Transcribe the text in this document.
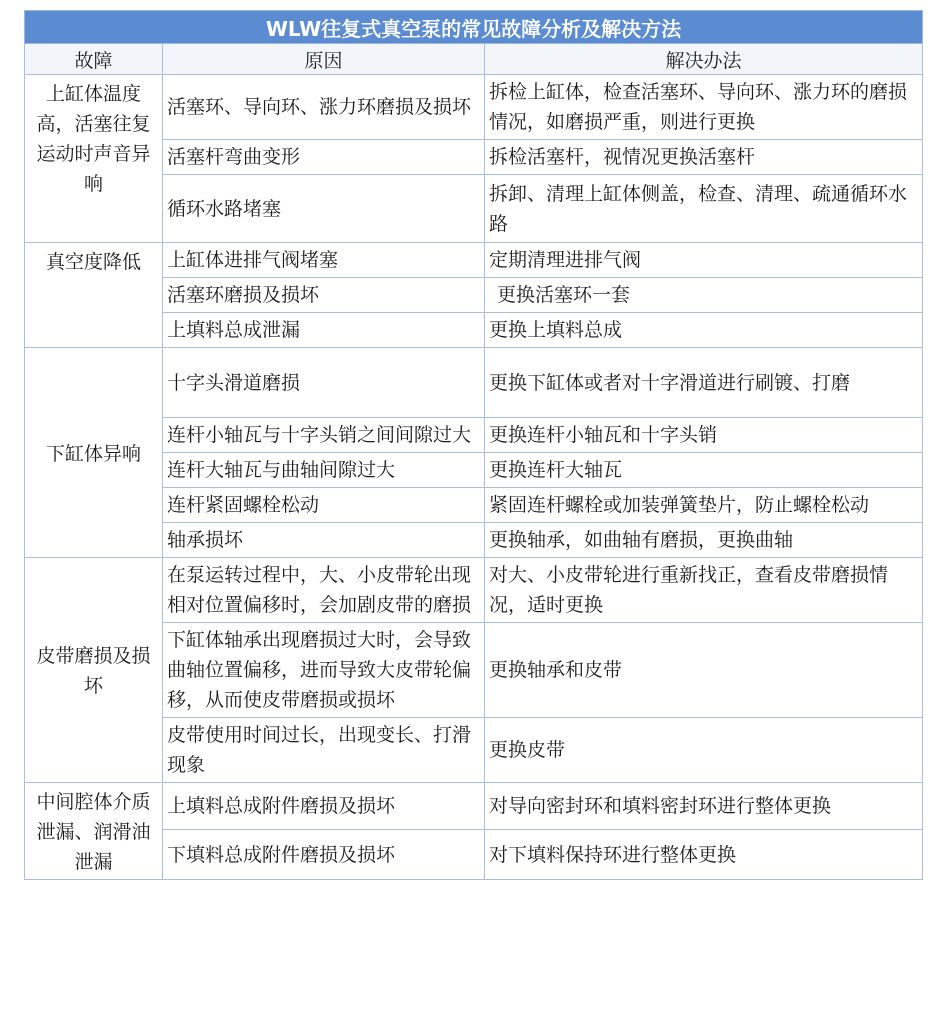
WLW往复式真空泵的常见故障分析及解决方法		
故障	原因	解决办法
上缸体温度高，活塞往复运动时声音异响	活塞环、导向环、涨力环磨损及损坏	拆检上缸体，检查活塞环、导向环、涨力环的磨损情况，如磨损严重，则进行更换
	活塞杆弯曲变形	拆检活塞杆，视情况更换活塞杆
	循环水路堵塞	拆卸、清理上缸体侧盖，检查、清理、疏通循环水路
真空度降低	上缸体进排气阀堵塞	定期清理进排气阀
	活塞环磨损及损坏	更换活塞环一套
	上填料总成泄漏	更换上填料总成
下缸体异响	十字头滑道磨损	更换下缸体或者对十字滑道进行刷镀、打磨
	连杆小轴瓦与十字头销之间间隙过大	更换连杆小轴瓦和十字头销
	连杆大轴瓦与曲轴间隙过大	更换连杆大轴瓦
	连杆紧固螺栓松动	紧固连杆螺栓或加装弹簧垫片，防止螺栓松动
	轴承损坏	更换轴承，如曲轴有磨损，更换曲轴
皮带磨损及损坏	在泵运转过程中，大、小皮带轮出现相对位置偏移时，会加剧皮带的磨损	对大、小皮带轮进行重新找正，查看皮带磨损情况，适时更换
	下缸体轴承出现磨损过大时，会导致曲轴位置偏移，进而导致大皮带轮偏移，从而使皮带磨损或损坏	更换轴承和皮带
	皮带使用时间过长，出现变长、打滑现象	更换皮带
中间腔体介质泄漏、润滑油泄漏	上填料总成附件磨损及损坏	对导向密封环和填料密封环进行整体更换
	下填料总成附件磨损及损坏	对下填料保持环进行整体更换
